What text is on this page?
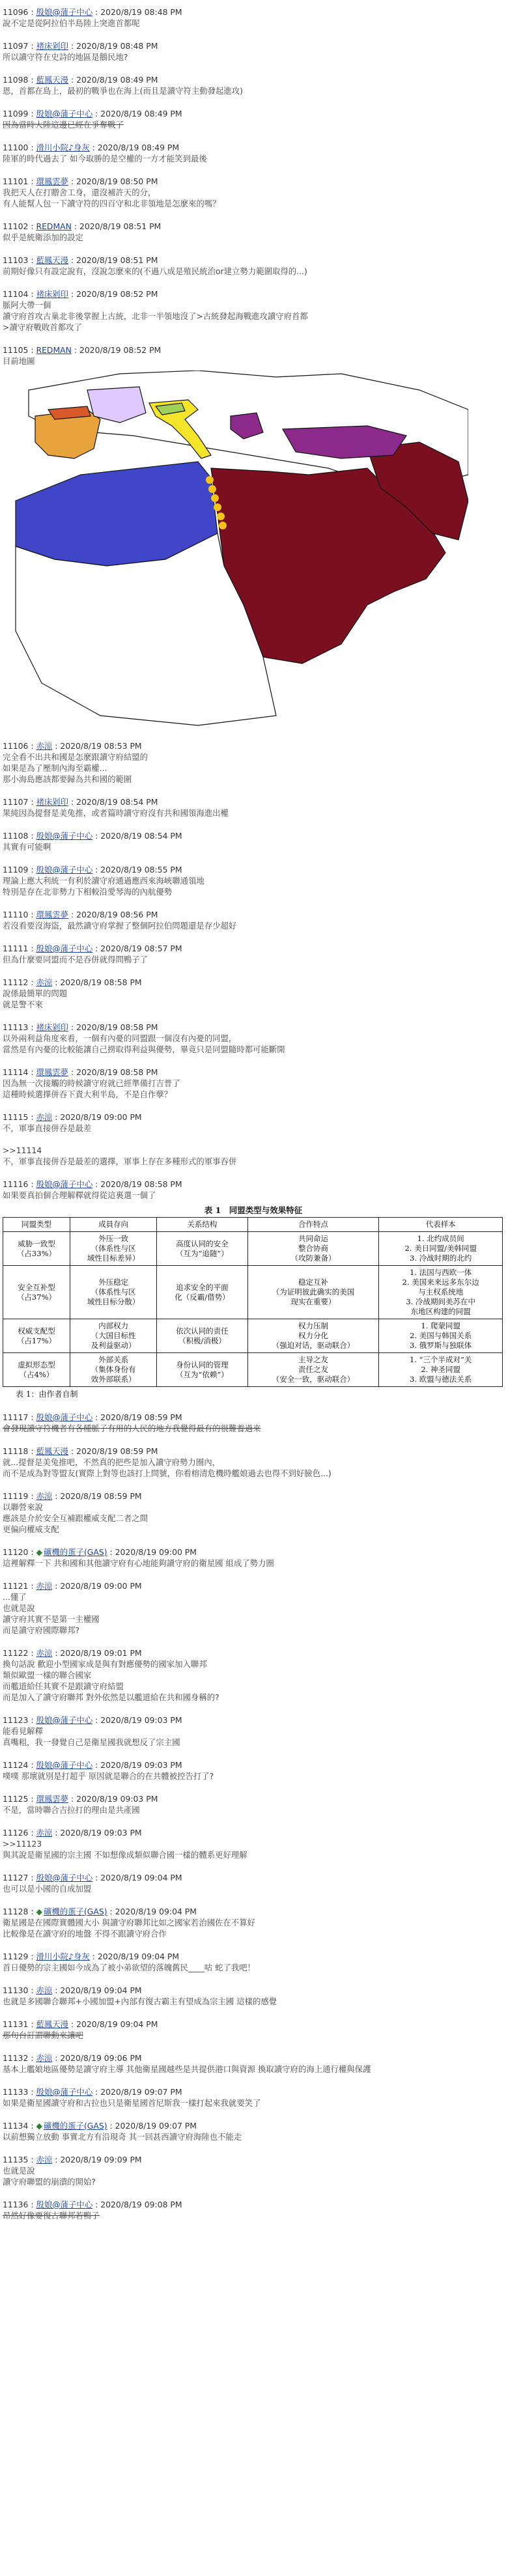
11096 : 殷娘@蒲子中心 : 2020/8/19 08:48 PM
說不定是從阿拉伯半島陸上突進首都呢
11097 : 褚床剁印 : 2020/8/19 08:48 PM
所以讀守符在史詩的地區是鵝民地?
11098 : 藍鳳天漫 : 2020/8/19 08:49 PM
恩，首都在島上，最初的戰爭也在海上(而且是讀守符主動發起進攻)
11099 : 殷娘@蒲子中心 : 2020/8/19 08:49 PM
因為當時大陸這邊已經在爭奪戰了
11100 : 滑川小院♪身灰 : 2020/8/19 08:49 PM
陸軍的時代過去了 如今取勝的是空權的一方才能笑到最後
11101 : 環鳳雲夢 : 2020/8/19 08:50 PM
我把天人在打贈舍工身，還沒補許天的分，
有人能幫人包一下讀守符的四百守和北非領地是怎麼來的嗎？
11102 : REDMAN : 2020/8/19 08:51 PM
似乎是統衛添加的設定
11103 : 藍鳳天漫 : 2020/8/19 08:51 PM
前期好像只有設定說有，沒說怎麼來的(不過八成是殖民統治or建立勢力範圍取得的...)
11104 : 褚床剁印 : 2020/8/19 08:52 PM
脈阿大帶一個
讀守府首攻古巢北非後掌握上古統，北非一半領地沒了>古統發起海戰進攻讀守府首都
>讀守府戰敗首都攻了
11105 : REDMAN : 2020/8/19 08:52 PM
目前地圖
11106 : 赤涼 : 2020/8/19 08:53 PM
完全看不出共和國是怎麼跟讀守府結盟的
如果是為了壓制內海至霸權...
那小海島應該都要歸為共和國的範圍
11107 : 褚床剁印 : 2020/8/19 08:54 PM
果純因為提督是美兔推，或者篇時讀守府沒有共和國領海進出權
11108 : 殷娘@蒲子中心 : 2020/8/19 08:54 PM
其實有可能啊
11109 : 殷娘@蒲子中心 : 2020/8/19 08:55 PM
理論上應大利統一有利於讀守府通過應西來海峽聯通領地
特別是存在北非勢力下相較沿愛琴海的內航優勢
11110 : 環鳳雲夢 : 2020/8/19 08:56 PM
若沒看要沒海盜，最然讀守府掌握了整個阿拉伯問題還是存少超好
11111 : 殷娘@蒲子中心 : 2020/8/19 08:57 PM
但為什麼要同盟而不是吞併就得問鴨子了
11112 : 赤涼 : 2020/8/19 08:58 PM
說係最簡單的問題
就是警不來
11113 : 褚床剁印 : 2020/8/19 08:58 PM
以外兩利益角度來看，一個有內憂的同盟跟一個沒有內憂的同盟，
當然是有內憂的比較能讓自己撈取得利益與優勢，畢竟只是同盟隨時都可能斷開
11114 : 環鳳雲夢 : 2020/8/19 08:58 PM
因為無一次接觸的時候讀守府就已經準備打吉普了
這種時候選擇併吞下責大利半島，不是自作孽？
11115 : 赤涼 : 2020/8/19 09:00 PM
不，軍事直接併吞是最差

>>11114
不，軍事直接併吞是最差的選擇，軍事上存在多種形式的軍事吞併
11116 : 殷娘@蒲子中心 : 2020/8/19 08:58 PM
如果要真拍個合理解釋就得從這裏選一個了
表 1　同盟类型与效果特征
同盟类型	成員存向	关系结构	合作特点	代表样本
威胁一致型
（占33%）	外压一致
（体系性与区
域性目标差异）	高度认同的安全
（互为“追随”）	共同命运
整合协商
（攻防兼备）	1. 北约成员间
2. 美日同盟/美韩同盟
3. 冷战时期的北约
安全互补型
（占37%）	外压稳定
（体系性与区
域性目标分散）	追求安全的平面
化（反霸/借势）	稳定互补
（为证明彼此确实的美国
现实在重要）	1. 法国与西欧一体
2. 美国来来远多东尔边
与主权系统地
3. 冷战期间美苏在中
东地区构建的同盟
权威支配型
（占17%）	内部权力
（大国目标性
及利益驱动）	依次认同的责任
（积极/消极）	权力压制
权力分化
（强迫对话，驱动联合）	1. 爬蒙同盟
2. 美国与韩国关系
3. 俄罗斯与独联体
虚拟形态型
（占4%）	外部关系
（集体身份有
效外部联系）	身份认同的管理
（互为“依赖”）	主导之友
责任之友
（安全一致，驱动联合）	1. “三个半成对”关
2. 神圣同盟
3. 欧盟与德法关系
表 1：由作者自制
11117 : 殷娘@蒲子中心 : 2020/8/19 08:59 PM
會發現讀守符機者有各種脈子有用的人民的地方我覺得最有的很難養過來
11118 : 藍鳳天漫 : 2020/8/19 08:59 PM
就...提督是美兔推吧，不然真的把些是加入讀守府勢力圈內，
而不是成為對等盟友(實際上對等也該打上問號，你看榕清危機時艦娘過去也得不到好臉色...)
11119 : 赤涼 : 2020/8/19 08:59 PM
以聯營來說
應該是介於安全互補跟權威支配二者之間
更偏向權威支配
11120 : ◆ 礦機的蛋子(GAS) : 2020/8/19 09:00 PM
這裡解釋一下 共和國和其他讀守府有心地能夠讀守府的衛星國 組成了勢力圈
11121 : 赤涼 : 2020/8/19 09:00 PM
...懂了
也就是說
讀守府其實不是第一主權國
而是讀守府國際聯邦?
11122 : 赤涼 : 2020/8/19 09:01 PM
換句話說 歡迎小型國家成是與有對應優勢的國家加入聯邦
類似歐盟一樣的聯合國家
而艦道給任其實不是跟讀守府結盟
而是加入了讀守府聯邦 對外依然是以艦道給在共和國身稱的?
11123 : 殷娘@蒲子中心 : 2020/8/19 09:03 PM
能看見解釋
真嘴粗，我一發覺自己是衛星國我就想反了宗主國
11124 : 殷娘@蒲子中心 : 2020/8/19 09:03 PM
噗噗 那壞就別是打超乎 原因就是聯合的在共體被控告打了?
11125 : 環鳳雲夢 : 2020/8/19 09:03 PM
不是，當時聯合吉拉打的理由是共產國
11126 : 赤涼 : 2020/8/19 09:03 PM
>>11123
與其說是衛星國的宗主國 不如想像成類似聯合國一樣的體系更好理解
11127 : 殷娘@蒲子中心 : 2020/8/19 09:04 PM
也可以是小國的自成加盟
11128 : ◆ 礦機的蛋子(GAS) : 2020/8/19 09:04 PM
衛星國是在國際實體國大小 與讀守府聯邦比如之國家若治國佐在不算好
比較像是在讀守府的地盤 不得不跟讀守府合作
11129 : 滑川小院♪身灰 : 2020/8/19 09:04 PM
首日優勢的宗主國如今成為了被小弟欲望的落魄舊民____咕 蛇了我吧！
11130 : 赤涼 : 2020/8/19 09:04 PM
也就是多國聯合聯邦+小國加盟+內部有復古霸主有望成為宗主國 這樣的感覺
11131 : 藍鳳天漫 : 2020/8/19 09:04 PM
那旬台訂謂聯動來讓吧
11132 : 赤涼 : 2020/8/19 09:06 PM
基本上艦娘地區優勢是讀守府主導 其他衛星國越些是共提供港口與資源 換取讀守府的海上通行權與保護
11133 : 殷娘@蒲子中心 : 2020/8/19 09:07 PM
如果是衛星國讀守府和古拉也只是衛星國首尼斯我一樣打起來我就要笑了
11134 : ◆ 礦機的蛋子(GAS) : 2020/8/19 09:07 PM
以前想獨立放動 事實北方有沿現奇 其一回甚西讀守府海陸也不能走
11135 : 赤涼 : 2020/8/19 09:09 PM
也就是說
讀守府聯盟的崩潰的開始?
11136 : 殷娘@蒲子中心 : 2020/8/19 09:08 PM
昂然好像要復古聯邦若鴨子
